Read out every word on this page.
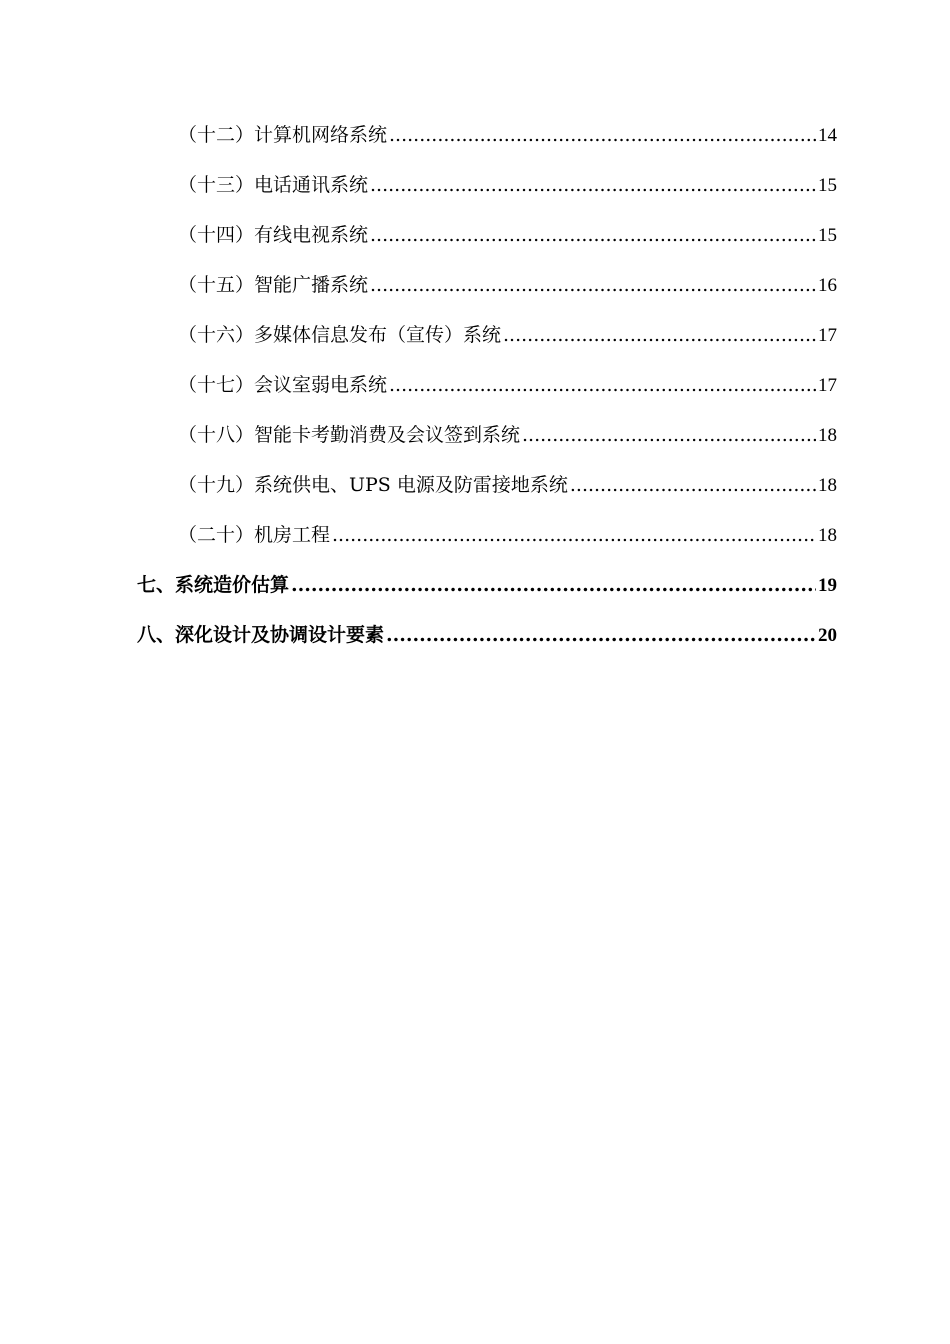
（十二）计算机网络系统 .....	14
（十三）电话通讯系统 .....	15
（十四）有线电视系统 .....	15
（十五）智能广播系统 .....	16
（十六）多媒体信息发布（宣传）系统 .....	17
（十七）会议室弱电系统 .....	17
（十八）智能卡考勤消费及会议签到系统 .....	18
（十九）系统供电、UPS 电源及防雷接地系统 .....	18
（二十）机房工程 .....	18
七、系统造价估算 .....	19
八、深化设计及协调设计要素 .....	20
